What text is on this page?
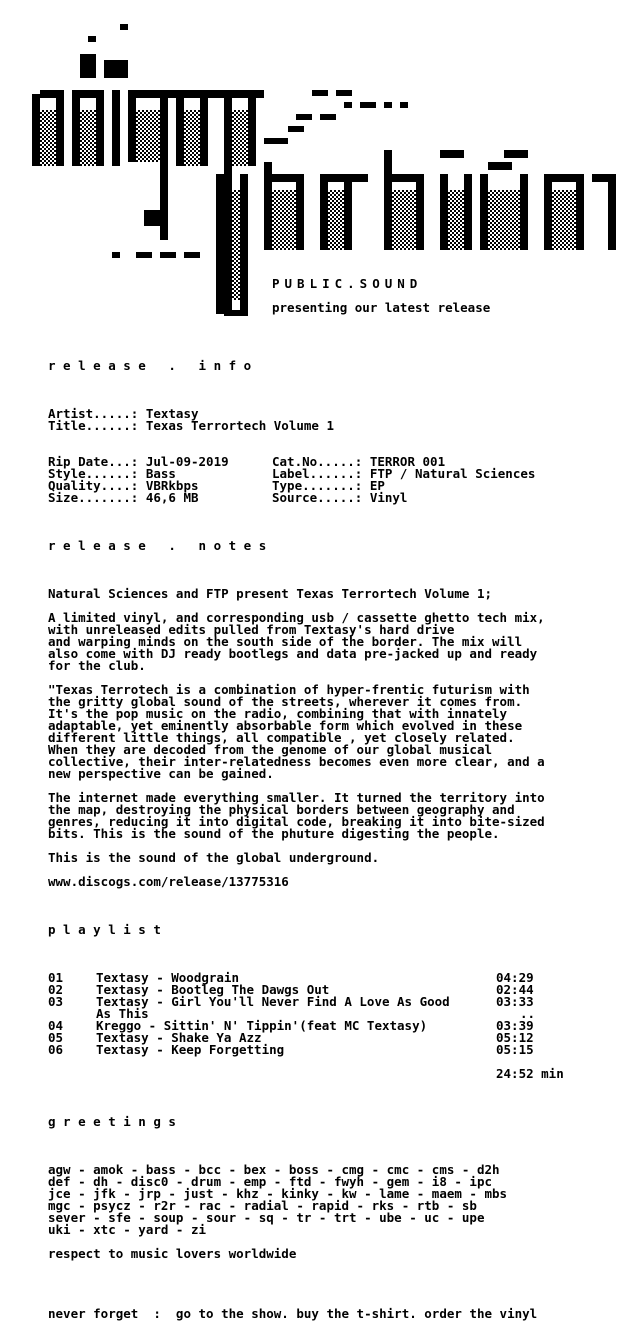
PUBLIC.SOUND
presenting our latest release
r e l e a s e   .   i n f o
Artist.....: Textasy
Title......: Texas Terrortech Volume 1
Rip Date...: Jul-09-2019
Style......: Bass
Quality....: VBRkbps
Size.......: 46,6 MB
Cat.No.....: TERROR 001
Label......: FTP / Natural Sciences
Type.......: EP
Source.....: Vinyl
r e l e a s e   .   n o t e s
Natural Sciences and FTP present Texas Terrortech Volume 1;
A limited vinyl, and corresponding usb / cassette ghetto tech mix,
with unreleased edits pulled from Textasy's hard drive
and warping minds on the south side of the border. The mix will
also come with DJ ready bootlegs and data pre-jacked up and ready
for the club.
"Texas Terrotech is a combination of hyper-frentic futurism with
the gritty global sound of the streets, wherever it comes from.
It's the pop music on the radio, combining that with innately
adaptable, yet eminently absorbable form which evolved in these
different little things, all compatible , yet closely related.
When they are decoded from the genome of our global musical
collective, their inter-relatedness becomes even more clear, and a
new perspective can be gained.
The internet made everything smaller. It turned the territory into
the map, destroying the physical borders between geography and
genres, reducing it into digital code, breaking it into bite-sized
bits. This is the sound of the phuture digesting the people.
This is the sound of the global underground.
www.discogs.com/release/13775316
p l a y l i s t
01	Textasy - Woodgrain	04:29
02	Textasy - Bootleg The Dawgs Out	02:44
03	Textasy - Girl You'll Never Find A Love As Good	03:33
As This	..
04	Kreggo - Sittin' N' Tippin'(feat MC Textasy)	03:39
05	Textasy - Shake Ya Azz	05:12
06	Textasy - Keep Forgetting	05:15
24:52 min
g r e e t i n g s
agw - amok - bass - bcc - bex - boss - cmg - cmc - cms - d2h
def - dh - disc0 - drum - emp - ftd - fwyh - gem - i8 - ipc
jce - jfk - jrp - just - khz - kinky - kw - lame - maem - mbs
mgc - psycz - r2r - rac - radial - rapid - rks - rtb - sb
sever - sfe - soup - sour - sq - tr - trt - ube - uc - upe
uki - xtc - yard - zi
respect to music lovers worldwide
never forget  :  go to the show. buy the t-shirt. order the vinyl
